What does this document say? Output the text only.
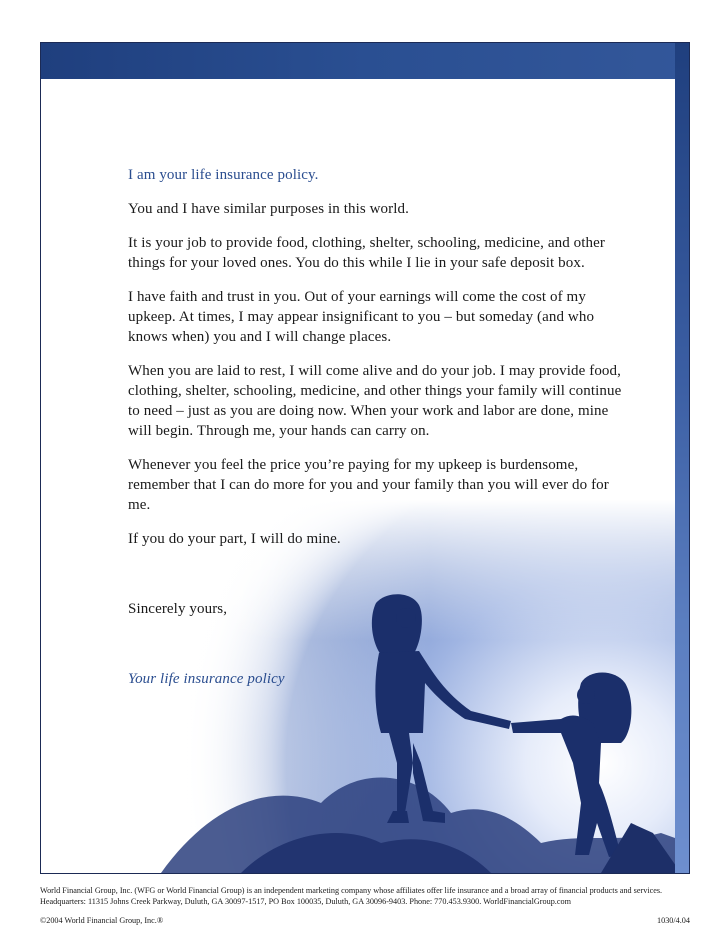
I am your life insurance policy.

You and I have similar purposes in this world.

It is your job to provide food, clothing, shelter, schooling, medicine, and other things for your loved ones. You do this while I lie in your safe deposit box.

I have faith and trust in you. Out of your earnings will come the cost of my upkeep. At times, I may appear insignificant to you – but someday (and who knows when) you and I will change places.

When you are laid to rest, I will come alive and do your job. I may provide food, clothing, shelter, schooling, medicine, and other things your family will continue to need – just as you are doing now. When your work and labor are done, mine will begin. Through me, your hands can carry on.

Whenever you feel the price you’re paying for my upkeep is burdensome, remember that I can do more for you and your family than you will ever do for me.

If you do your part, I will do mine.

Sincerely yours,

Your life insurance policy

World Financial Group, Inc. (WFG or World Financial Group) is an independent marketing company whose affiliates offer life insurance and a broad array of financial products and services. Headquarters: 11315 Johns Creek Parkway, Duluth, GA 30097-1517, PO Box 100035, Duluth, GA 30096-9403. Phone: 770.453.9300. WorldFinancialGroup.com

©2004 World Financial Group, Inc.®	1030/4.04
